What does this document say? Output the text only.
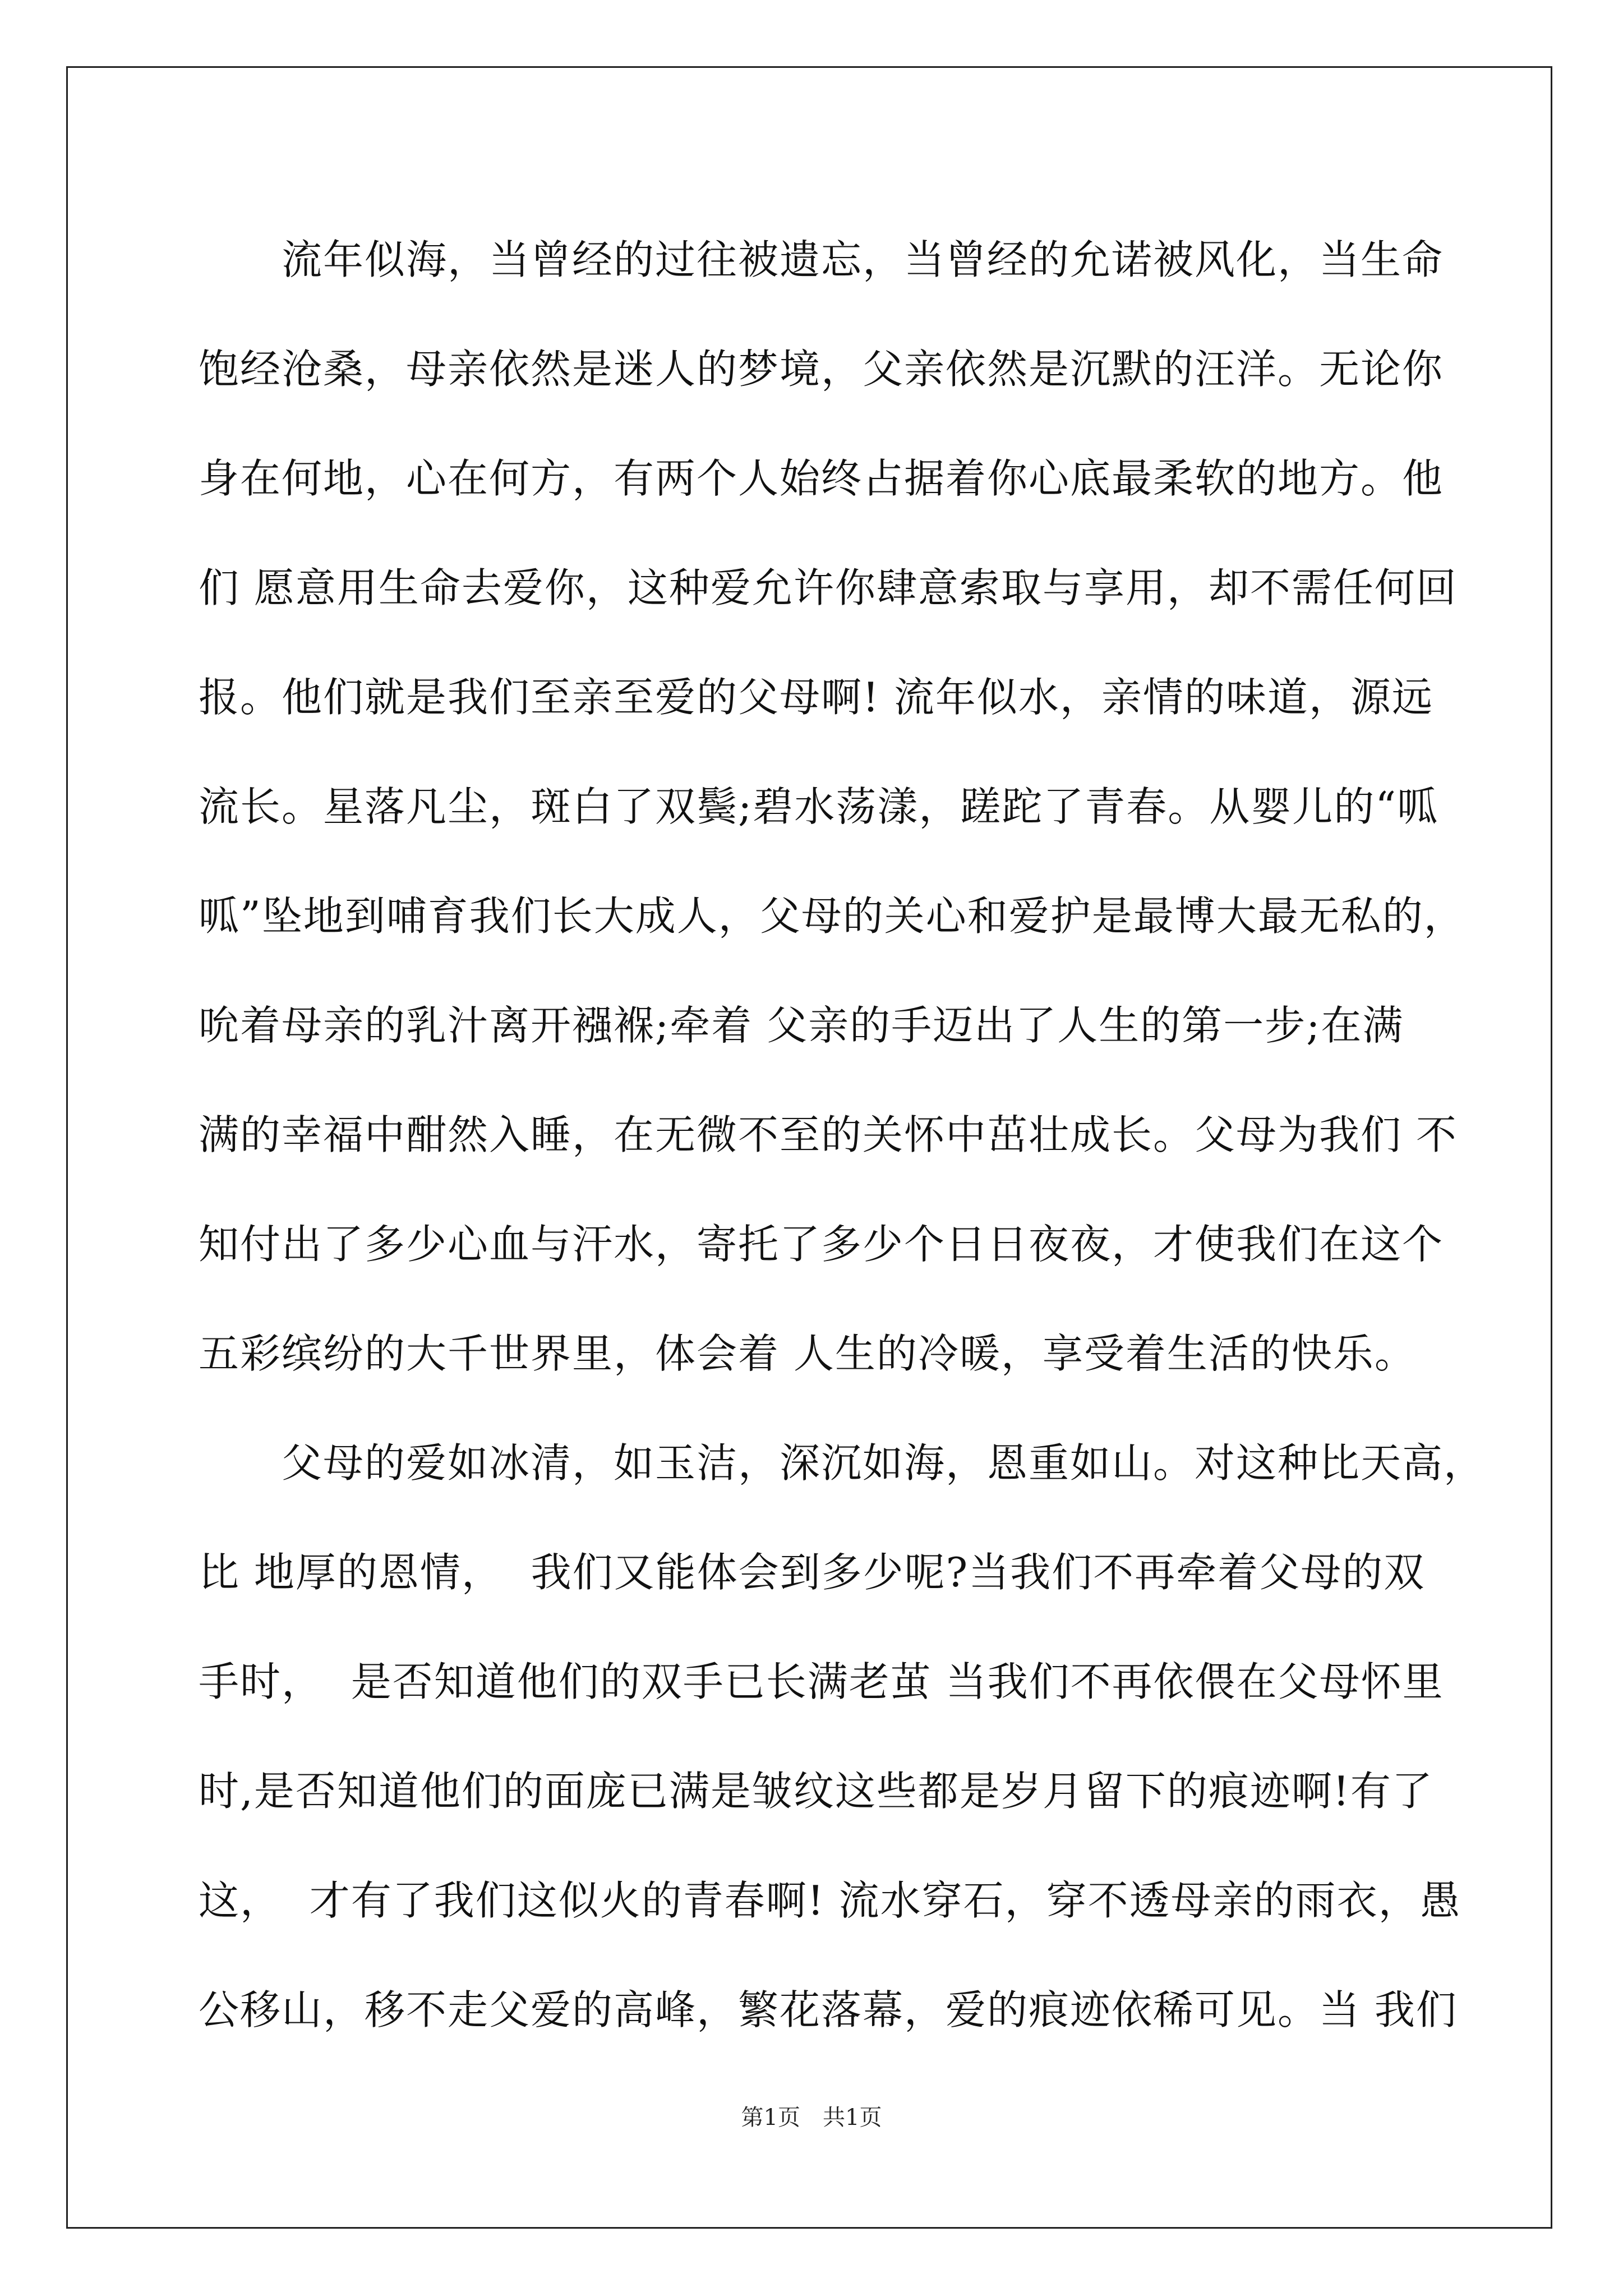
　　流年似海，当曾经的过往被遗忘，当曾经的允诺被风化，当生命
饱经沧桑，母亲依然是迷人的梦境，父亲依然是沉默的汪洋。无论你
身在何地，心在何方，有两个人始终占据着你心底最柔软的地方。他
们 愿意用生命去爱你，这种爱允许你肆意索取与享用，却不需任何回
报。他们就是我们至亲至爱的父母啊! 流年似水，亲情的味道，源远
流长。星落凡尘，斑白了双鬓;碧水荡漾，蹉跎了青春。从婴儿的“呱
呱”坠地到哺育我们长大成人，父母的关心和爱护是最博大最无私的，
吮着母亲的乳汁离开襁褓;牵着 父亲的手迈出了人生的第一步;在满
满的幸福中酣然入睡，在无微不至的关怀中茁壮成长。父母为我们 不
知付出了多少心血与汗水，寄托了多少个日日夜夜，才使我们在这个
五彩缤纷的大千世界里，体会着 人生的冷暖，享受着生活的快乐。
　　父母的爱如冰清，如玉洁，深沉如海，恩重如山。对这种比天高，
比 地厚的恩情，  我们又能体会到多少呢?当我们不再牵着父母的双
手时，  是否知道他们的双手已长满老茧 当我们不再依偎在父母怀里
时,是否知道他们的面庞已满是皱纹这些都是岁月留下的痕迹啊!有了
这，  才有了我们这似火的青春啊! 流水穿石，穿不透母亲的雨衣，愚
公移山，移不走父爱的高峰，繁花落幕，爱的痕迹依稀可见。当 我们
第1页　共1页
